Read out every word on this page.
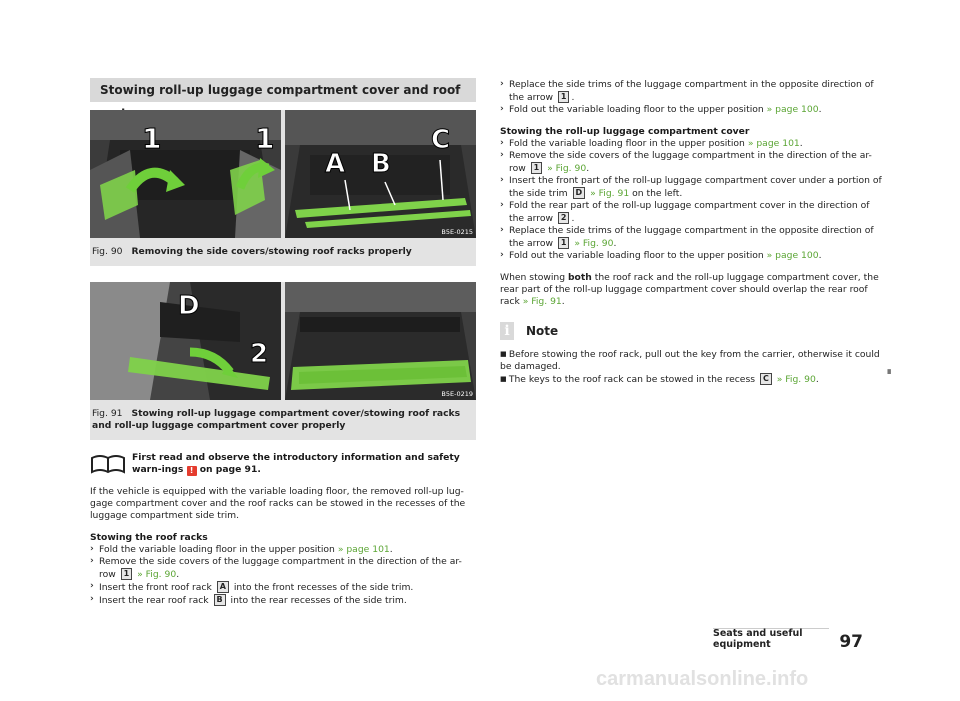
Stowing roll-up luggage compartment cover and roof
1	1
A B
C
B5E-0215
Fig. 90 Removing the side covers/stowing roof racks properly
D
2
B5E-0219
Fig. 91 Stowing roll-up luggage compartment cover/stowing roof racks and roll-up luggage compartment cover properly
First read and observe the introductory information and safety warn-ings ! on page 91.
If the vehicle is equipped with the variable loading floor, the removed roll-up lug-gage compartment cover and the roof racks can be stowed in the recesses of the luggage compartment side trim.
Stowing the roof racks
› Fold the variable loading floor in the upper position » page 101.
› Remove the side covers of the luggage compartment in the direction of the ar-row 1 » Fig. 90.
› Insert the front roof rack A into the front recesses of the side trim.
› Insert the rear roof rack B into the rear recesses of the side trim.
› Replace the side trims of the luggage compartment in the opposite direction of the arrow 1 .
› Fold out the variable loading floor to the upper position » page 100.
Stowing the roll-up luggage compartment cover
› Fold the variable loading floor in the upper position » page 101.
› Remove the side covers of the luggage compartment in the direction of the ar-row 1 » Fig. 90.
› Insert the front part of the roll-up luggage compartment cover under a portion of the side trim D » Fig. 91 on the left.
› Fold the rear part of the roll-up luggage compartment cover in the direction of the arrow 2 .
› Replace the side trims of the luggage compartment in the opposite direction of the arrow 1 » Fig. 90.
› Fold out the variable loading floor to the upper position » page 100.
When stowing both the roof rack and the roll-up luggage compartment cover, the rear part of the roll-up luggage compartment cover should overlap the rear roof rack » Fig. 91.
i	Note
■ Before stowing the roof rack, pull out the key from the carrier, otherwise it could be damaged.
■ The keys to the roof rack can be stowed in the recess C » Fig. 90.
∎
Seats and useful equipment	97
carmanualsonline.info
